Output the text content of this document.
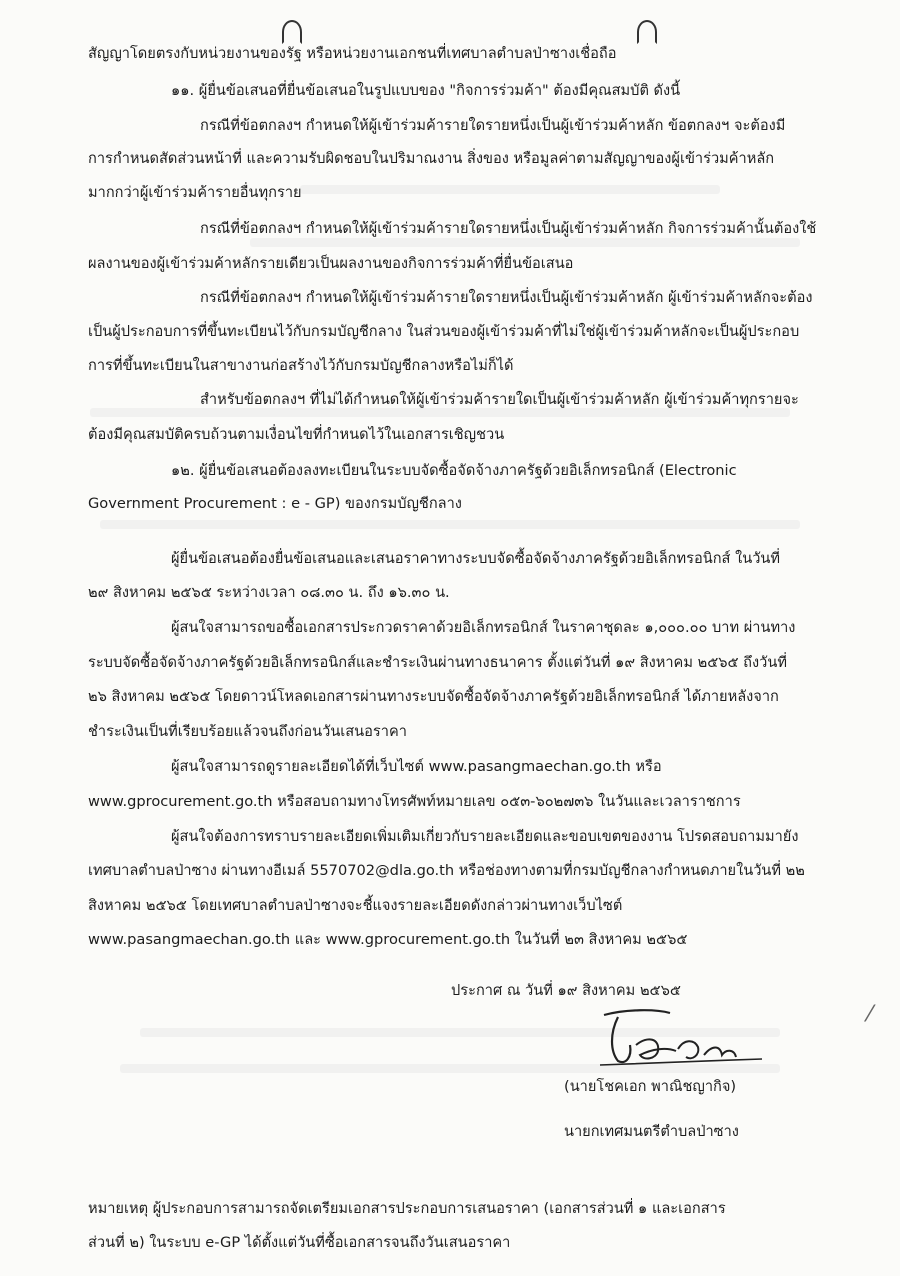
⁄
สัญญาโดยตรงกับหน่วยงานของรัฐ หรือหน่วยงานเอกชนที่เทศบาลตำบลป่าซางเชื่อถือ
๑๑. ผู้ยื่นข้อเสนอที่ยื่นข้อเสนอในรูปแบบของ "กิจการร่วมค้า" ต้องมีคุณสมบัติ ดังนี้
กรณีที่ข้อตกลงฯ กำหนดให้ผู้เข้าร่วมค้ารายใดรายหนึ่งเป็นผู้เข้าร่วมค้าหลัก ข้อตกลงฯ จะต้องมี
การกำหนดสัดส่วนหน้าที่ และความรับผิดชอบในปริมาณงาน สิ่งของ หรือมูลค่าตามสัญญาของผู้เข้าร่วมค้าหลัก
มากกว่าผู้เข้าร่วมค้ารายอื่นทุกราย
กรณีที่ข้อตกลงฯ กำหนดให้ผู้เข้าร่วมค้ารายใดรายหนึ่งเป็นผู้เข้าร่วมค้าหลัก กิจการร่วมค้านั้นต้องใช้
ผลงานของผู้เข้าร่วมค้าหลักรายเดียวเป็นผลงานของกิจการร่วมค้าที่ยื่นข้อเสนอ
กรณีที่ข้อตกลงฯ กำหนดให้ผู้เข้าร่วมค้ารายใดรายหนึ่งเป็นผู้เข้าร่วมค้าหลัก ผู้เข้าร่วมค้าหลักจะต้อง
เป็นผู้ประกอบการที่ขึ้นทะเบียนไว้กับกรมบัญชีกลาง ในส่วนของผู้เข้าร่วมค้าที่ไม่ใช่ผู้เข้าร่วมค้าหลักจะเป็นผู้ประกอบ
การที่ขึ้นทะเบียนในสาขางานก่อสร้างไว้กับกรมบัญชีกลางหรือไม่ก็ได้
สำหรับข้อตกลงฯ ที่ไม่ได้กำหนดให้ผู้เข้าร่วมค้ารายใดเป็นผู้เข้าร่วมค้าหลัก ผู้เข้าร่วมค้าทุกรายจะ
ต้องมีคุณสมบัติครบถ้วนตามเงื่อนไขที่กำหนดไว้ในเอกสารเชิญชวน
๑๒. ผู้ยื่นข้อเสนอต้องลงทะเบียนในระบบจัดซื้อจัดจ้างภาครัฐด้วยอิเล็กทรอนิกส์ (Electronic
Government Procurement : e - GP) ของกรมบัญชีกลาง
ผู้ยื่นข้อเสนอต้องยื่นข้อเสนอและเสนอราคาทางระบบจัดซื้อจัดจ้างภาครัฐด้วยอิเล็กทรอนิกส์ ในวันที่
๒๙ สิงหาคม ๒๕๖๕ ระหว่างเวลา ๐๘.๓๐ น. ถึง ๑๖.๓๐ น.
ผู้สนใจสามารถขอซื้อเอกสารประกวดราคาด้วยอิเล็กทรอนิกส์ ในราคาชุดละ ๑,๐๐๐.๐๐ บาท ผ่านทาง
ระบบจัดซื้อจัดจ้างภาครัฐด้วยอิเล็กทรอนิกส์และชำระเงินผ่านทางธนาคาร ตั้งแต่วันที่ ๑๙ สิงหาคม ๒๕๖๕ ถึงวันที่
๒๖ สิงหาคม ๒๕๖๕ โดยดาวน์โหลดเอกสารผ่านทางระบบจัดซื้อจัดจ้างภาครัฐด้วยอิเล็กทรอนิกส์ ได้ภายหลังจาก
ชำระเงินเป็นที่เรียบร้อยแล้วจนถึงก่อนวันเสนอราคา
ผู้สนใจสามารถดูรายละเอียดได้ที่เว็บไซต์ www.pasangmaechan.go.th หรือ
www.gprocurement.go.th หรือสอบถามทางโทรศัพท์หมายเลข ๐๕๓-๖๐๒๗๓๖ ในวันและเวลาราชการ
ผู้สนใจต้องการทราบรายละเอียดเพิ่มเติมเกี่ยวกับรายละเอียดและขอบเขตของงาน โปรดสอบถามมายัง
เทศบาลตำบลป่าซาง ผ่านทางอีเมล์ 5570702@dla.go.th หรือช่องทางตามที่กรมบัญชีกลางกำหนดภายในวันที่ ๒๒
สิงหาคม ๒๕๖๕ โดยเทศบาลตำบลป่าซางจะชี้แจงรายละเอียดดังกล่าวผ่านทางเว็บไซต์
www.pasangmaechan.go.th และ www.gprocurement.go.th ในวันที่ ๒๓ สิงหาคม ๒๕๖๕
ประกาศ ณ วันที่ ๑๙ สิงหาคม ๒๕๖๕
(นายโชคเอก พาณิชญากิจ)
นายกเทศมนตรีตำบลป่าซาง
หมายเหตุ ผู้ประกอบการสามารถจัดเตรียมเอกสารประกอบการเสนอราคา (เอกสารส่วนที่ ๑ และเอกสาร
ส่วนที่ ๒) ในระบบ e-GP ได้ตั้งแต่วันที่ซื้อเอกสารจนถึงวันเสนอราคา
